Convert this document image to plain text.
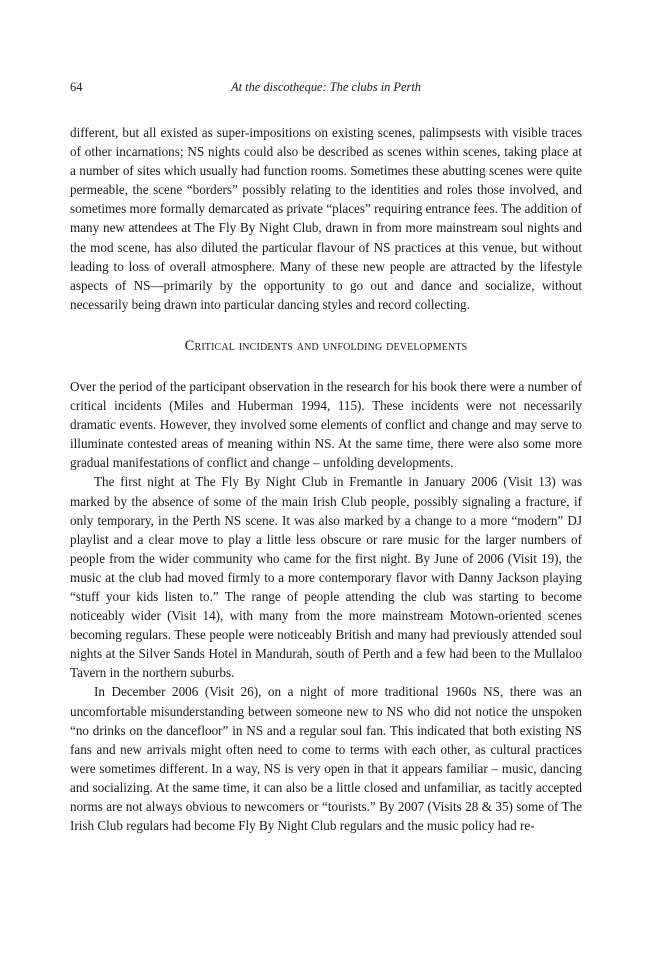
64	At the discotheque: The clubs in Perth

different, but all existed as super-impositions on existing scenes, palimpsests with visible traces of other incarnations; NS nights could also be described as scenes within scenes, taking place at a number of sites which usually had function rooms. Sometimes these abutting scenes were quite permeable, the scene “borders” possibly relating to the identities and roles those involved, and sometimes more formally demarcated as private “places” requiring entrance fees. The addition of many new attendees at The Fly By Night Club, drawn in from more mainstream soul nights and the mod scene, has also diluted the particular flavour of NS practices at this venue, but without leading to loss of overall atmosphere. Many of these new people are attracted by the lifestyle aspects of NS—primarily by the opportunity to go out and dance and socialize, without necessarily being drawn into particular dancing styles and record collecting.

Critical incidents and unfolding developments

Over the period of the participant observation in the research for his book there were a number of critical incidents (Miles and Huberman 1994, 115). These incidents were not necessarily dramatic events. However, they involved some elements of conflict and change and may serve to illuminate contested areas of meaning within NS. At the same time, there were also some more gradual manifestations of conflict and change – unfolding developments.

The first night at The Fly By Night Club in Fremantle in January 2006 (Visit 13) was marked by the absence of some of the main Irish Club people, possibly signaling a fracture, if only temporary, in the Perth NS scene. It was also marked by a change to a more “modern” DJ playlist and a clear move to play a little less obscure or rare music for the larger numbers of people from the wider community who came for the first night. By June of 2006 (Visit 19), the music at the club had moved firmly to a more contemporary flavor with Danny Jackson playing “stuff your kids listen to.” The range of people attending the club was starting to become noticeably wider (Visit 14), with many from the more mainstream Motown-oriented scenes becoming regulars. These people were noticeably British and many had previously attended soul nights at the Silver Sands Hotel in Mandurah, south of Perth and a few had been to the Mullaloo Tavern in the northern suburbs.

In December 2006 (Visit 26), on a night of more traditional 1960s NS, there was an uncomfortable misunderstanding between someone new to NS who did not notice the unspoken “no drinks on the dancefloor” in NS and a regular soul fan. This indicated that both existing NS fans and new arrivals might often need to come to terms with each other, as cultural practices were sometimes different. In a way, NS is very open in that it appears familiar – music, dancing and socializing. At the same time, it can also be a little closed and unfamiliar, as tacitly accepted norms are not always obvious to newcomers or “tourists.” By 2007 (Visits 28 & 35) some of The Irish Club regulars had become Fly By Night Club regulars and the music policy had re-
